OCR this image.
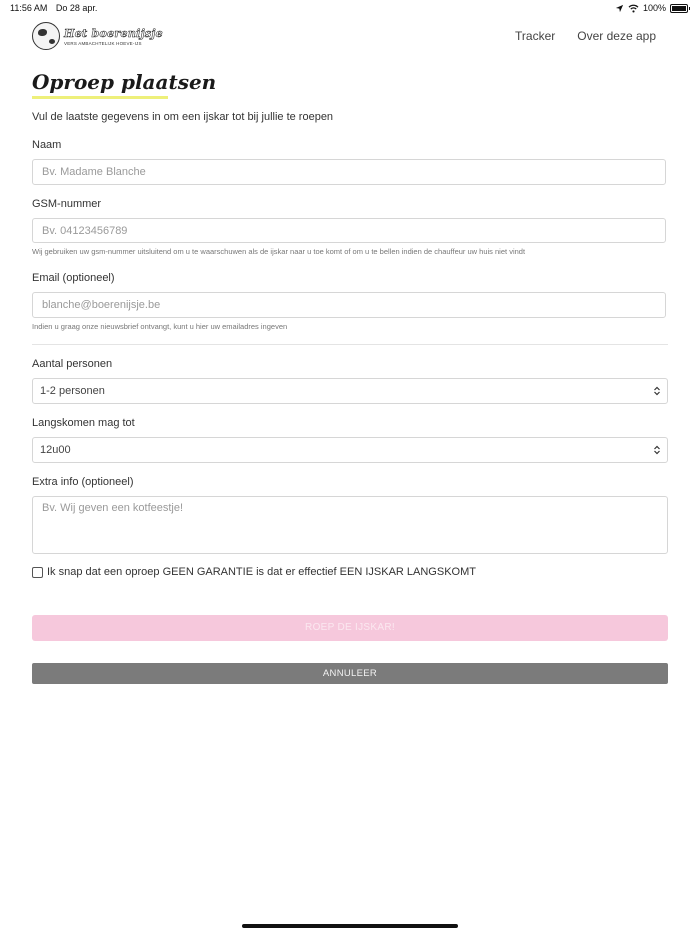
11:56 AM Do 28 apr.	100%
Het boerenijsje
VERS AMBACHTELIJK HOEVE-IJS	Tracker Over deze app
Oproep plaatsen
Vul de laatste gegevens in om een ijskar tot bij jullie te roepen
Naam
Bv. Madame Blanche
GSM-nummer
Bv. 04123456789
Wij gebruiken uw gsm-nummer uitsluitend om u te waarschuwen als de ijskar naar u toe komt of om u te bellen indien de chauffeur uw huis niet vindt
Email (optioneel)
blanche@boerenijsje.be
Indien u graag onze nieuwsbrief ontvangt, kunt u hier uw emailadres ingeven
Aantal personen
1-2 personen
Langskomen mag tot
12u00
Extra info (optioneel)
Bv. Wij geven een kotfeestje!
Ik snap dat een oproep GEEN GARANTIE is dat er effectief EEN IJSKAR LANGSKOMT
ROEP DE IJSKAR!
ANNULEER
